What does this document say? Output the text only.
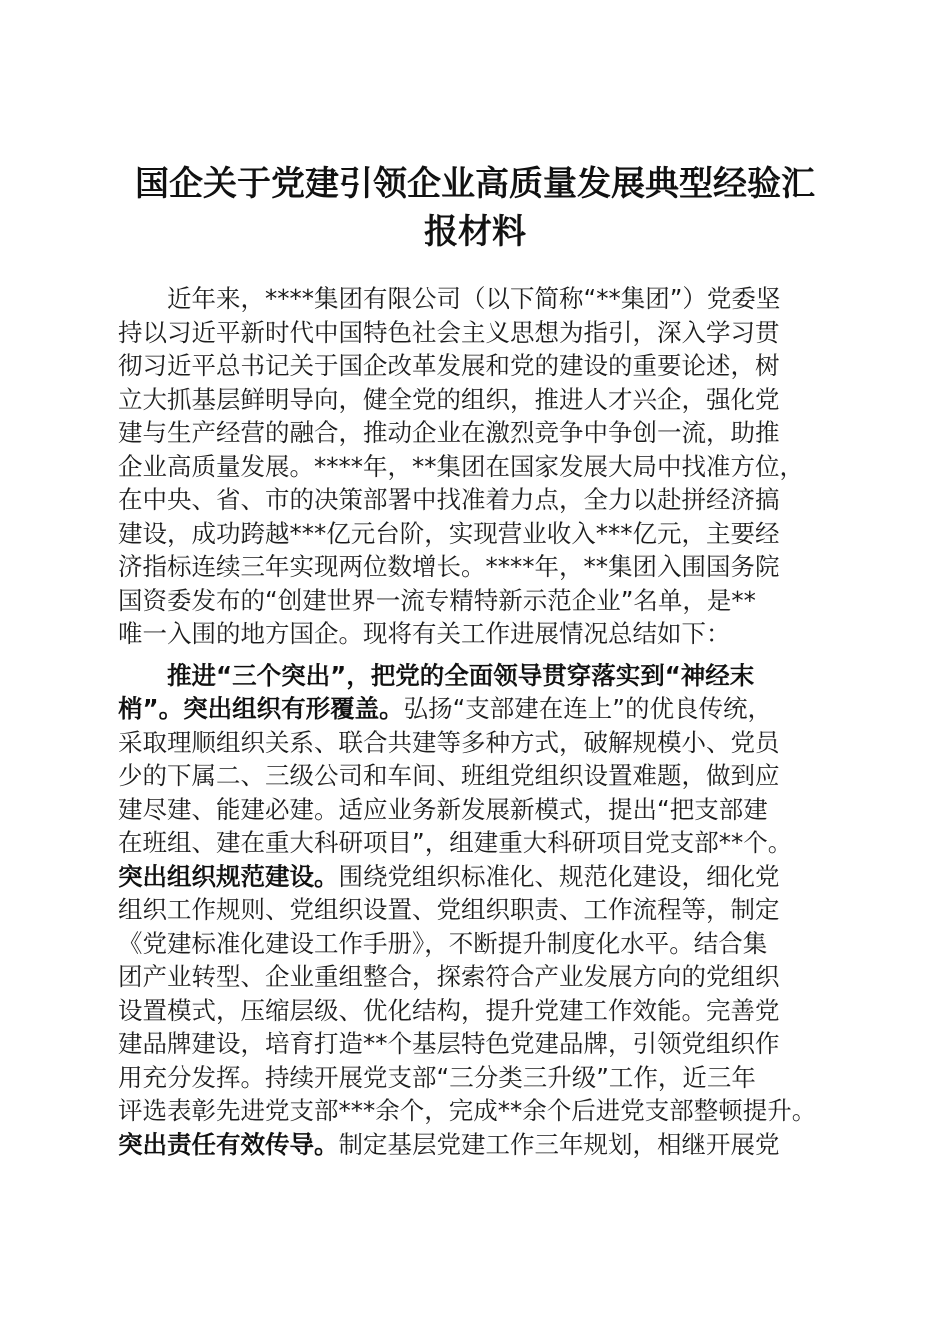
国企关于党建引领企业高质量发展典型经验汇
报材料
　　近年来，****集团有限公司（以下简称“**集团”）党委坚
持以习近平新时代中国特色社会主义思想为指引，深入学习贯
彻习近平总书记关于国企改革发展和党的建设的重要论述，树
立大抓基层鲜明导向，健全党的组织，推进人才兴企，强化党
建与生产经营的融合，推动企业在激烈竞争中争创一流，助推
企业高质量发展。****年，**集团在国家发展大局中找准方位，
在中央、省、市的决策部署中找准着力点，全力以赴拼经济搞
建设，成功跨越***亿元台阶，实现营业收入***亿元，主要经
济指标连续三年实现两位数增长。****年，**集团入围国务院
国资委发布的“创建世界一流专精特新示范企业”名单，是**
唯一入围的地方国企。现将有关工作进展情况总结如下：
　　推进“三个突出”，把党的全面领导贯穿落实到“神经末
梢”。突出组织有形覆盖。弘扬“支部建在连上”的优良传统，
采取理顺组织关系、联合共建等多种方式，破解规模小、党员
少的下属二、三级公司和车间、班组党组织设置难题，做到应
建尽建、能建必建。适应业务新发展新模式，提出“把支部建
在班组、建在重大科研项目”，组建重大科研项目党支部**个。
突出组织规范建设。围绕党组织标准化、规范化建设，细化党
组织工作规则、党组织设置、党组织职责、工作流程等，制定
《党建标准化建设工作手册》，不断提升制度化水平。结合集
团产业转型、企业重组整合，探索符合产业发展方向的党组织
设置模式，压缩层级、优化结构，提升党建工作效能。完善党
建品牌建设，培育打造**个基层特色党建品牌，引领党组织作
用充分发挥。持续开展党支部“三分类三升级”工作，近三年
评选表彰先进党支部***余个，完成**余个后进党支部整顿提升。
突出责任有效传导。制定基层党建工作三年规划，相继开展党
